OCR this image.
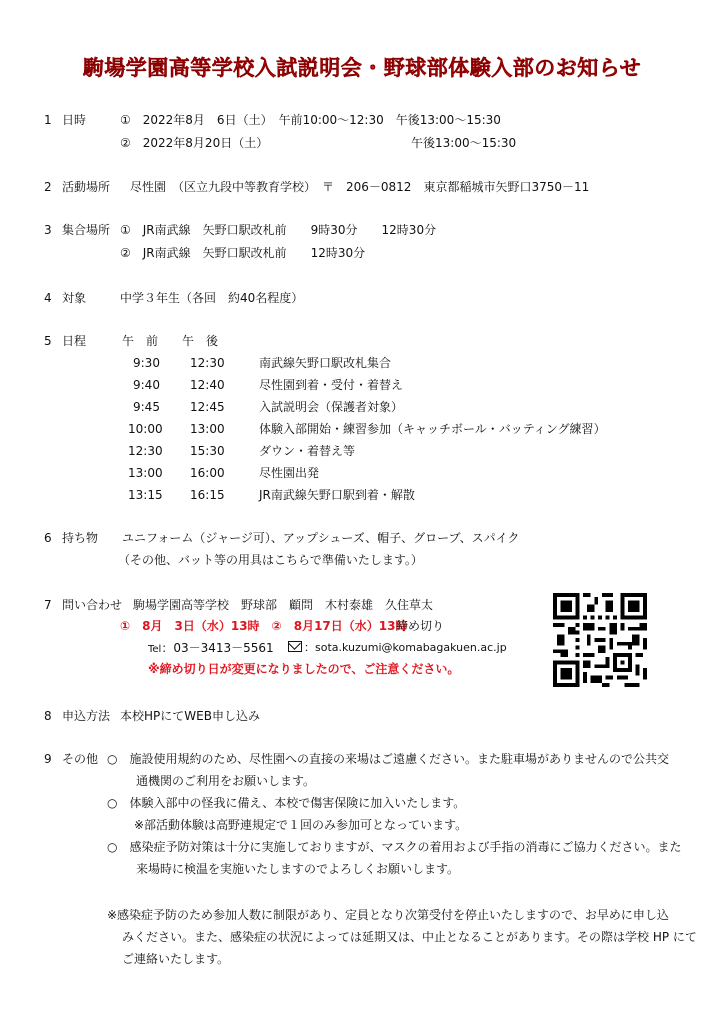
駒場学園高等学校入試説明会・野球部体験入部のお知らせ
1 日時	①　2022年8月　6日（土）　午前10:00～12:30　午後13:00～15:30
②　2022年8月20日（土）	午後13:00～15:30
2 活動場所 尽性園　（区立九段中等教育学校）　〒　206－0812　東京都稲城市矢野口3750－11
3 集合場所 ①　JR南武線　矢野口駅改札前　　9時30分　　12時30分
②　JR南武線　矢野口駅改札前　　12時30分
4 対象	中学３年生（各回　約40名程度）
5 日程	午　前 午　後
9:30	12:30	南武線矢野口駅改札集合
9:40	12:40	尽性園到着・受付・着替え
9:45	12:45	入試説明会（保護者対象）
10:00 13:00	体験入部開始・練習参加（キャッチボール・バッティング練習）
12:30 15:30	ダウン・着替え等
13:00 16:00	尽性園出発
13:15 16:15	JR南武線矢野口駅到着・解散
6 持ち物 ユニフォーム（ジャージ可）、アップシューズ、帽子、グローブ、スパイク
（その他、バット等の用具はこちらで準備いたします。）
7 問い合わせ 駒場学園高等学校　野球部　顧問　木村泰雄　久住草太
①　8月　3日（水）13時　②　8月17日（水）13時
締め切り
Tel：03－3413－5561	：sota.kuzumi@komabagakuen.ac.jp
※締め切り日が変更になりましたので、ご注意ください。
8 申込方法 本校HPにてWEB申し込み
9 その他 ○　施設使用規約のため、尽性園への直接の来場はご遠慮ください。また駐車場がありませんので公共交
通機関のご利用をお願いします。
○　体験入部中の怪我に備え、本校で傷害保険に加入いたします。
※部活動体験は高野連規定で１回のみ参加可となっています。
○　感染症予防対策は十分に実施しておりますが、マスクの着用および手指の消毒にご協力ください。また
来場時に検温を実施いたしますのでよろしくお願いします。
※感染症予防のため参加人数に制限があり、定員となり次第受付を停止いたしますので、お早めに申し込
みください。また、感染症の状況によっては延期又は、中止となることがあります。その際は学校 HP にて
ご連絡いたします。
